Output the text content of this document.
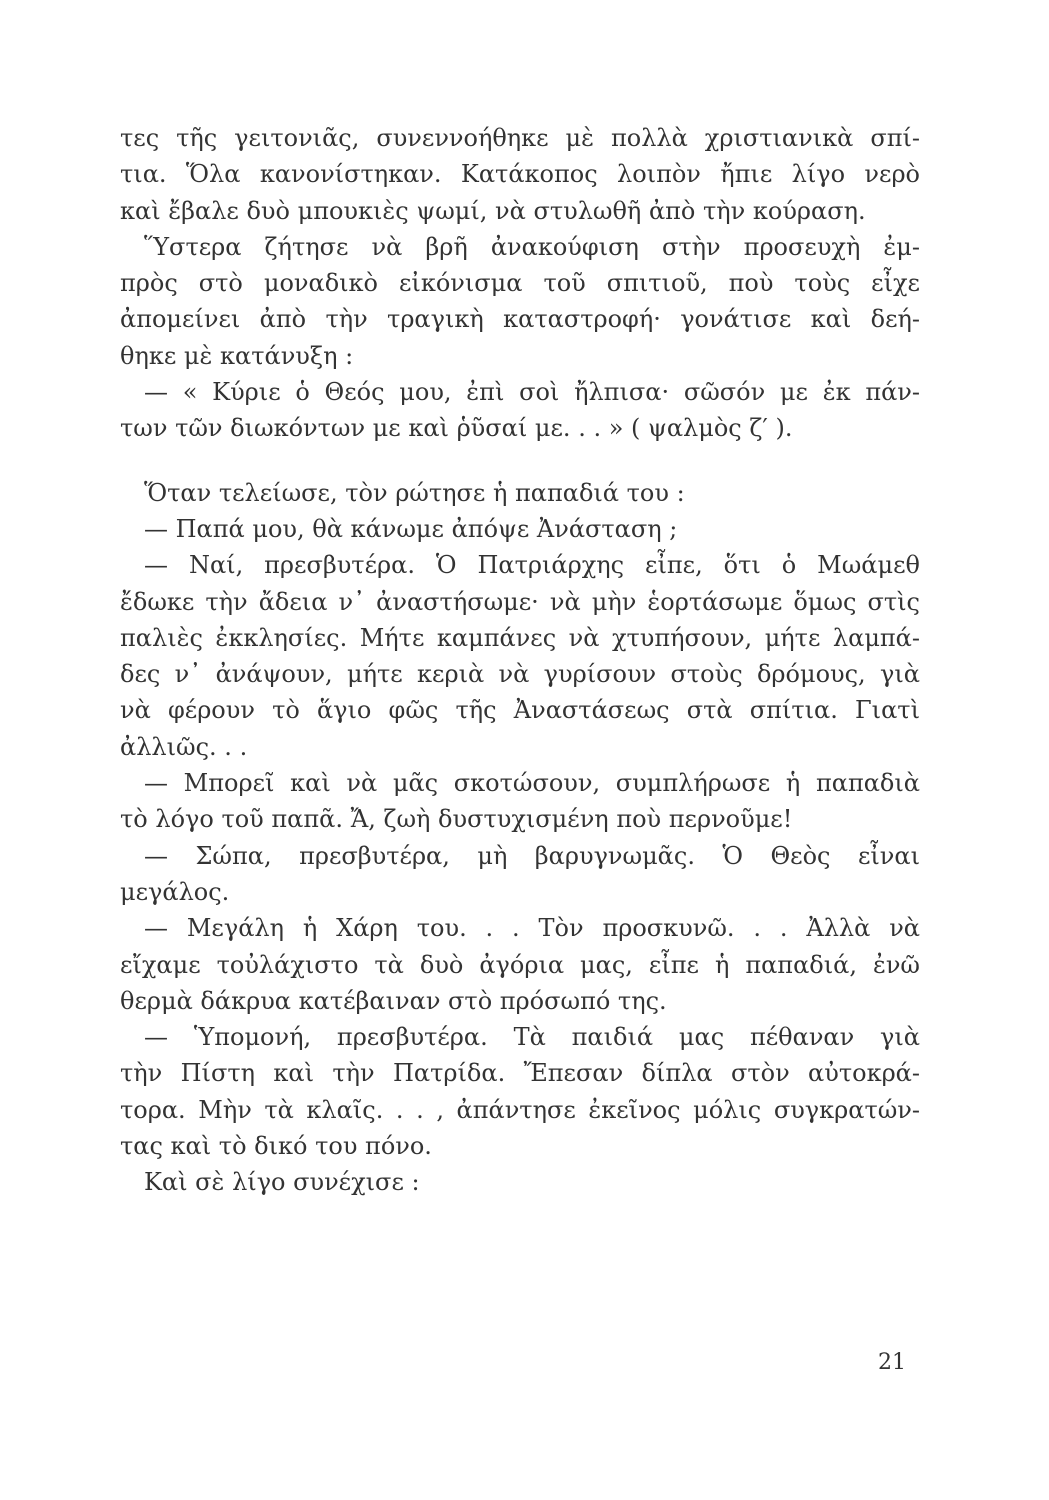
τες τῆς γειτονιᾶς, συνεννοήθηκε μὲ πολλὰ χριστιανικὰ σπί-
τια. Ὅλα κανονίστηκαν. Κατάκοπος λοιπὸν ἤπιε λίγο νερὸ
καὶ ἔβαλε δυὸ μπουκιὲς ψωμί, νὰ στυλωθῆ ἀπὸ τὴν κούραση.
Ὕστερα ζήτησε νὰ βρῆ ἀνακούφιση στὴν προσευχὴ ἐμ-
πρὸς στὸ μοναδικὸ εἰκόνισμα τοῦ σπιτιοῦ, ποὺ τοὺς εἶχε
ἀπομείνει ἀπὸ τὴν τραγικὴ καταστροφή· γονάτισε καὶ δεή-
θηκε μὲ κατάνυξη :
— « Κύριε ὁ Θεός μου, ἐπὶ σοὶ ἤλπισα· σῶσόν με ἐκ πάν-
των τῶν διωκόντων με καὶ ῥῦσαί με. . . » ( ψαλμὸς ζ′ ).
Ὅταν τελείωσε, τὸν ρώτησε ἡ παπαδιά του :
— Παπά μου, θὰ κάνωμε ἀπόψε Ἀνάσταση ;
— Ναί, πρεσβυτέρα. Ὁ Πατριάρχης εἶπε, ὅτι ὁ Μωάμεθ
ἔδωκε τὴν ἄδεια ν᾽ ἀναστήσωμε· νὰ μὴν ἑορτάσωμε ὅμως στὶς
παλιὲς ἐκκλησίες. Μήτε καμπάνες νὰ χτυπήσουν, μήτε λαμπά-
δες ν᾽ ἀνάψουν, μήτε κεριὰ νὰ γυρίσουν στοὺς δρόμους, γιὰ
νὰ φέρουν τὸ ἅγιο φῶς τῆς Ἀναστάσεως στὰ σπίτια. Γιατὶ
ἀλλιῶς. . .
— Μπορεῖ καὶ νὰ μᾶς σκοτώσουν, συμπλήρωσε ἡ παπαδιὰ
τὸ λόγο τοῦ παπᾶ. Ἄ, ζωὴ δυστυχισμένη ποὺ περνοῦμε!
— Σώπα, πρεσβυτέρα, μὴ βαρυγνωμᾶς. Ὁ Θεὸς εἶναι
μεγάλος.
— Μεγάλη ἡ Χάρη του. . . Τὸν προσκυνῶ. . . Ἀλλὰ νὰ
εἴχαμε τοὐλάχιστο τὰ δυὸ ἀγόρια μας, εἶπε ἡ παπαδιά, ἐνῶ
θερμὰ δάκρυα κατέβαιναν στὸ πρόσωπό της.
— Ὑπομονή, πρεσβυτέρα. Τὰ παιδιά μας πέθαναν γιὰ
τὴν Πίστη καὶ τὴν Πατρίδα. Ἔπεσαν δίπλα στὸν αὐτοκρά-
τορα. Μὴν τὰ κλαῖς. . . , ἀπάντησε ἐκεῖνος μόλις συγκρατών-
τας καὶ τὸ δικό του πόνο.
Καὶ σὲ λίγο συνέχισε :
21
